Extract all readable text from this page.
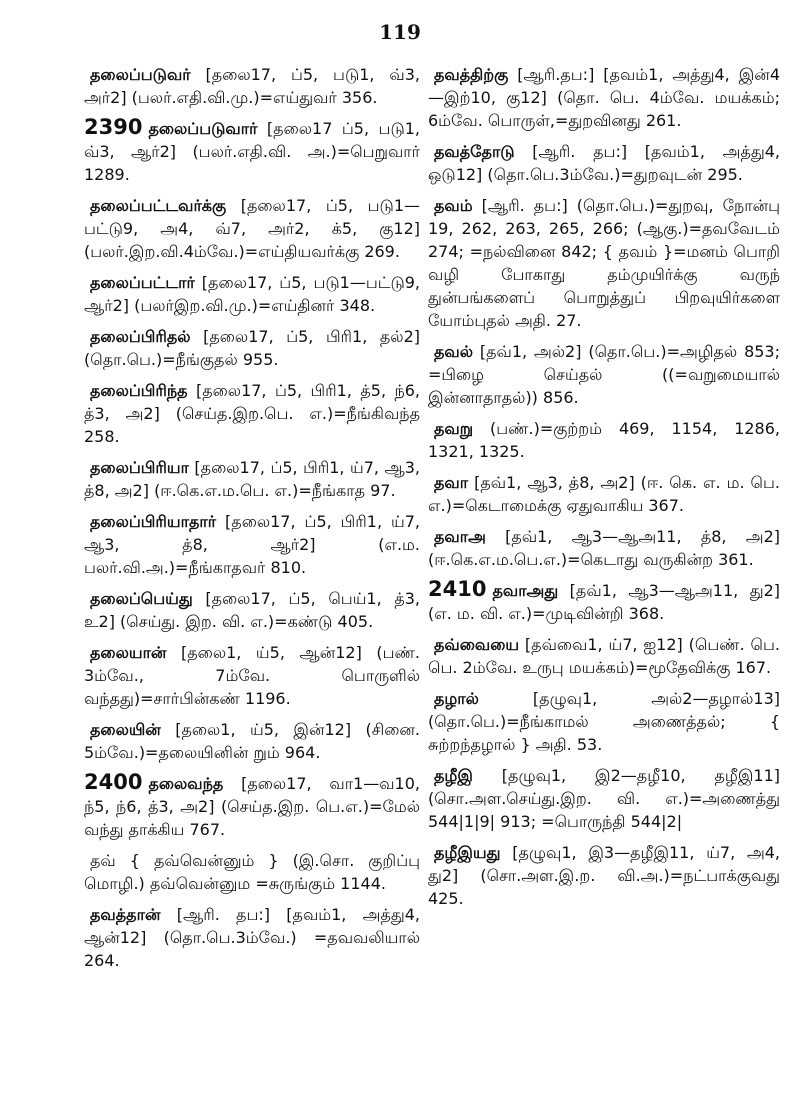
119

தலைப்படுவர் [தலை17, ப்5, படு1, வ்3, அர்2] (பலர்.எதி.வி.மு.)=எய்துவர் 356.

2390 தலைப்படுவார் [தலை17 ப்5, படு1, வ்3, ஆர்2] (பலர்.எதி.வி. அ.)=பெறுவார் 1289.

தலைப்பட்டவர்க்கு [தலை17, ப்5, படு1—பட்டு9, அ4, வ்7, அர்2, க்5, கு12] (பலர்.இற.வி.4ம்வே.)=எய்தியவர்க்கு 269.

தலைப்பட்டார் [தலை17, ப்5, படு1—பட்டு9, ஆர்2] (பலர்இற.வி.மு.)=எய்தினர் 348.

தலைப்பிரிதல் [தலை17, ப்5, பிரி1, தல்2] (தொ.பெ.)=நீங்குதல் 955.

தலைப்பிரிந்த [தலை17, ப்5, பிரி1, த்5, ந்6, த்3, அ2] (செய்த.இற.பெ. எ.)=நீங்கிவந்த 258.

தலைப்பிரியா [தலை17, ப்5, பிரி1, ய்7, ஆ3, த்8, அ2] (ஈ.கெ.எ.ம.பெ. எ.)=நீங்காத 97.

தலைப்பிரியாதார் [தலை17, ப்5, பிரி1, ய்7, ஆ3, த்8, ஆர்2] (எ.ம. பலர்.வி.அ.)=நீங்காதவர் 810.

தலைப்பெய்து [தலை17, ப்5, பெய்1, த்3, உ2] (செய்து. இற. வி. எ.)=கண்டு 405.

தலையான் [தலை1, ய்5, ஆன்12] (பண். 3ம்வே., 7ம்வே. பொருளில் வந்தது)=சார்பின்கண் 1196.

தலையின் [தலை1, ய்5, இன்12] (சினை. 5ம்வே.)=தலையினின் றும் 964.

2400 தலைவந்த [தலை17, வா1—வ10, ந்5, ந்6, த்3, அ2] (செய்த.இற. பெ.எ.)=மேல் வந்து தாக்கிய 767.

தவ் { தவ்வென்னும் } (இ.சொ. குறிப்பு மொழி.) தவ்வென்னும =சுருங்கும் 1144.

தவத்தான் [ஆரி. தப:] [தவம்1, அத்து4, ஆன்12] (தொ.பெ.3ம்வே.) =தவவலியால் 264.

தவத்திற்கு [ஆரி.தப:] [தவம்1, அத்து4, இன்4—இற்10, கு12] (தொ. பெ. 4ம்வே. மயக்கம்; 6ம்வே. பொருள்,=துறவினது 261.

தவத்தோடு [ஆரி. தப:] [தவம்1, அத்து4, ஒடு12] (தொ.பெ.3ம்வே.)=துறவுடன் 295.

தவம் [ஆரி. தப:] (தொ.பெ.)=துறவு, நோன்பு 19, 262, 263, 265, 266; (ஆகு.)=தவவேடம் 274; =நல்வினை 842; { தவம் }=மனம் பொறி வழி போகாது தம்முயிர்க்கு வருந் துன்பங்களைப் பொறுத்துப் பிறவுயிர்களை யோம்புதல் அதி. 27.

தவல் [தவ்1, அல்2] (தொ.பெ.)=அழிதல் 853; =பிழை செய்தல் ((=வறுமையால் இன்னாதாதல்)) 856.

தவறு (பண்.)=குற்றம் 469, 1154, 1286, 1321, 1325.

தவா [தவ்1, ஆ3, த்8, அ2] (ஈ. கெ. எ. ம. பெ. எ.)=கெடாமைக்கு ஏதுவாகிய 367.

தவாஅ [தவ்1, ஆ3—ஆஅ11, த்8, அ2] (ஈ.கெ.எ.ம.பெ.எ.)=கெடாது வருகின்ற 361.

2410 தவாஅது [தவ்1, ஆ3—ஆஅ11, து2] (எ. ம. வி. எ.)=முடிவின்றி 368.

தவ்வையை [தவ்வை1, ய்7, ஐ12] (பெண். பெ. பெ. 2ம்வே. உருபு மயக்கம்)=மூதேவிக்கு 167.

தழால் [தழுவு1, அல்2—தழால்13] (தொ.பெ.)=நீங்காமல் அணைத்தல்; { சுற்றந்தழால் } அதி. 53.

தழீஇ [தழுவு1, இ2—தழீ10, தழீஇ11] (சொ.அள.செய்து.இற. வி. எ.)=அணைத்து 544|1|9| 913; =பொருந்தி 544|2|

தழீஇயது [தழுவு1, இ3—தழீஇ11, ய்7, அ4, து2] (சொ.அள.இ.ற. வி.அ.)=நட்பாக்குவது 425.
